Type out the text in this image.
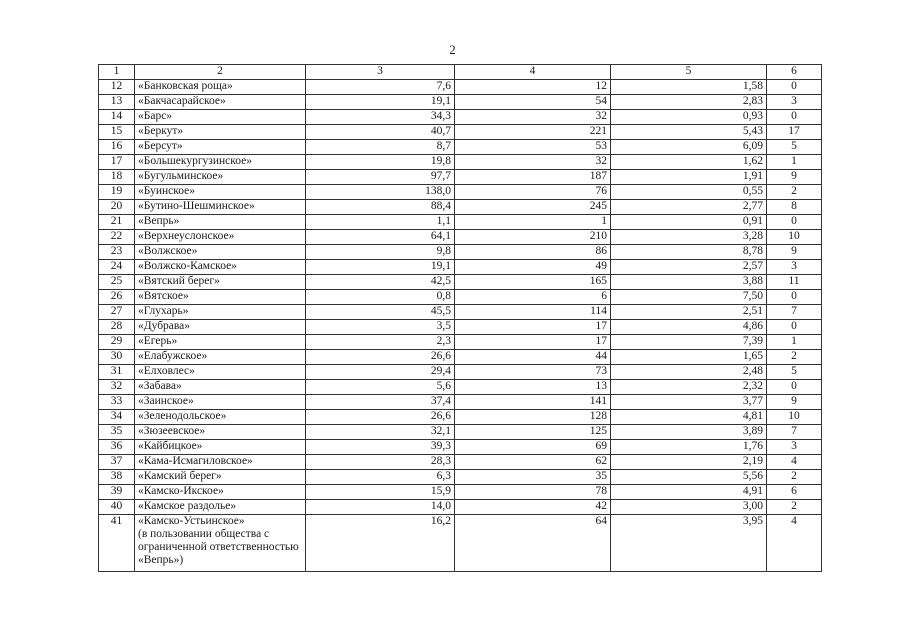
2
1	2	3	4	5	6
12	«Банковская роща»	7,6	12	1,58	0
13	«Бакчасарайское»	19,1	54	2,83	3
14	«Барс»	34,3	32	0,93	0
15	«Беркут»	40,7	221	5,43	17
16	«Берсут»	8,7	53	6,09	5
17	«Большекургузинское»	19,8	32	1,62	1
18	«Бугульминское»	97,7	187	1,91	9
19	«Буинское»	138,0	76	0,55	2
20	«Бутино-Шешминское»	88,4	245	2,77	8
21	«Вепрь»	1,1	1	0,91	0
22	«Верхнеуслонское»	64,1	210	3,28	10
23	«Волжское»	9,8	86	8,78	9
24	«Волжско-Камское»	19,1	49	2,57	3
25	«Вятский берег»	42,5	165	3,88	11
26	«Вятское»	0,8	6	7,50	0
27	«Глухарь»	45,5	114	2,51	7
28	«Дубрава»	3,5	17	4,86	0
29	«Егерь»	2,3	17	7,39	1
30	«Елабужское»	26,6	44	1,65	2
31	«Елховлес»	29,4	73	2,48	5
32	«Забава»	5,6	13	2,32	0
33	«Заинское»	37,4	141	3,77	9
34	«Зеленодольское»	26,6	128	4,81	10
35	«Зюзеевское»	32,1	125	3,89	7
36	«Кайбицкое»	39,3	69	1,76	3
37	«Кама-Исмагиловское»	28,3	62	2,19	4
38	«Камский берег»	6,3	35	5,56	2
39	«Камско-Икское»	15,9	78	4,91	6
40	«Камское раздолье»	14,0	42	3,00	2
41	«Камско-Устьинское»
(в пользовании общества с
ограниченной ответственностью
«Вепрь»)	16,2	64	3,95	4
